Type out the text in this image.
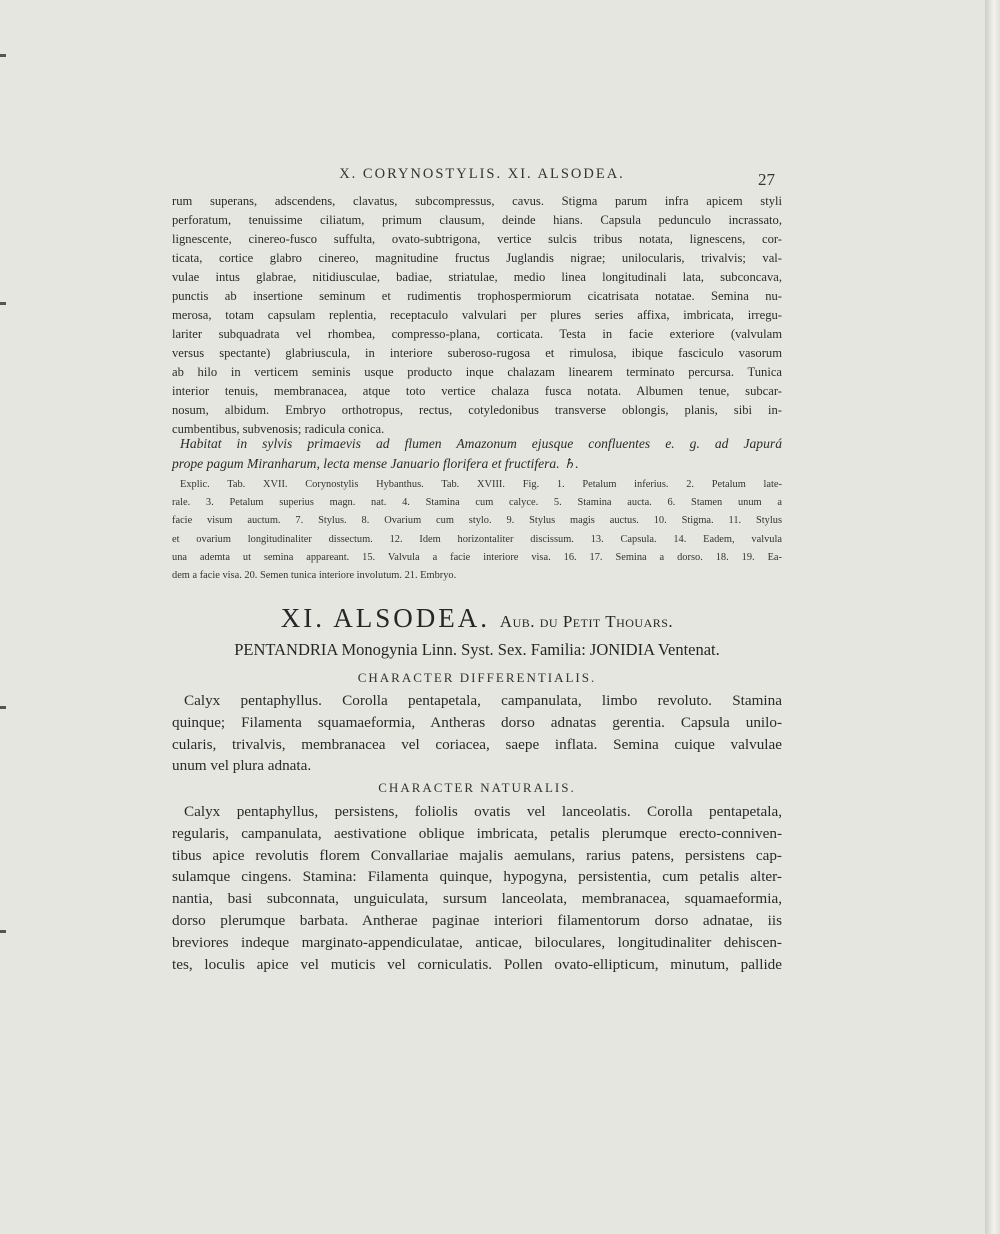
X. CORYNOSTYLIS. XI. ALSODEA.	27
rum superans, adscendens, clavatus, subcompressus, cavus. Stigma parum infra apicem styli
perforatum, tenuissime ciliatum, primum clausum, deinde hians. Capsula pedunculo incrassato,
lignescente, cinereo-fusco suffulta, ovato-subtrigona, vertice sulcis tribus notata, lignescens, cor-
ticata, cortice glabro cinereo, magnitudine fructus Juglandis nigrae; unilocularis, trivalvis; val-
vulae intus glabrae, nitidiusculae, badiae, striatulae, medio linea longitudinali lata, subconcava,
punctis ab insertione seminum et rudimentis trophospermiorum cicatrisata notatae. Semina nu-
merosa, totam capsulam replentia, receptaculo valvulari per plures series affixa, imbricata, irregu-
lariter subquadrata vel rhombea, compresso-plana, corticata. Testa in facie exteriore (valvulam
versus spectante) glabriuscula, in interiore suberoso-rugosa et rimulosa, ibique fasciculo vasorum
ab hilo in verticem seminis usque producto inque chalazam linearem terminato percursa. Tunica
interior tenuis, membranacea, atque toto vertice chalaza fusca notata. Albumen tenue, subcar-
nosum, albidum. Embryo orthotropus, rectus, cotyledonibus transverse oblongis, planis, sibi in-
cumbentibus, subvenosis; radicula conica.
Habitat in sylvis primaevis ad flumen Amazonum ejusque confluentes e. g. ad Japurá
prope pagum Miranharum, lecta mense Januario florifera et fructifera. ♄.
Explic. Tab. XVII. Corynostylis Hybanthus. Tab. XVIII. Fig. 1. Petalum inferius. 2. Petalum late-
rale. 3. Petalum superius magn. nat. 4. Stamina cum calyce. 5. Stamina aucta. 6. Stamen unum a
facie visum auctum. 7. Stylus. 8. Ovarium cum stylo. 9. Stylus magis auctus. 10. Stigma. 11. Stylus
et ovarium longitudinaliter dissectum. 12. Idem horizontaliter discissum. 13. Capsula. 14. Eadem, valvula
una ademta ut semina appareant. 15. Valvula a facie interiore visa. 16. 17. Semina a dorso. 18. 19. Ea-
dem a facie visa. 20. Semen tunica interiore involutum. 21. Embryo.
XI. ALSODEA. Aub. du Petit Thouars.
PENTANDRIA Monogynia Linn. Syst. Sex. Familia: JONIDIA Ventenat.
CHARACTER DIFFERENTIALIS.
Calyx pentaphyllus. Corolla pentapetala, campanulata, limbo revoluto. Stamina
quinque; Filamenta squamaeformia, Antheras dorso adnatas gerentia. Capsula unilo-
cularis, trivalvis, membranacea vel coriacea, saepe inflata. Semina cuique valvulae
unum vel plura adnata.
CHARACTER NATURALIS.
Calyx pentaphyllus, persistens, foliolis ovatis vel lanceolatis. Corolla pentapetala,
regularis, campanulata, aestivatione oblique imbricata, petalis plerumque erecto-conniven-
tibus apice revolutis florem Convallariae majalis aemulans, rarius patens, persistens cap-
sulamque cingens. Stamina: Filamenta quinque, hypogyna, persistentia, cum petalis alter-
nantia, basi subconnata, unguiculata, sursum lanceolata, membranacea, squamaeformia,
dorso plerumque barbata. Antherae paginae interiori filamentorum dorso adnatae, iis
breviores indeque marginato-appendiculatae, anticae, biloculares, longitudinaliter dehiscen-
tes, loculis apice vel muticis vel corniculatis. Pollen ovato-ellipticum, minutum, pallide
